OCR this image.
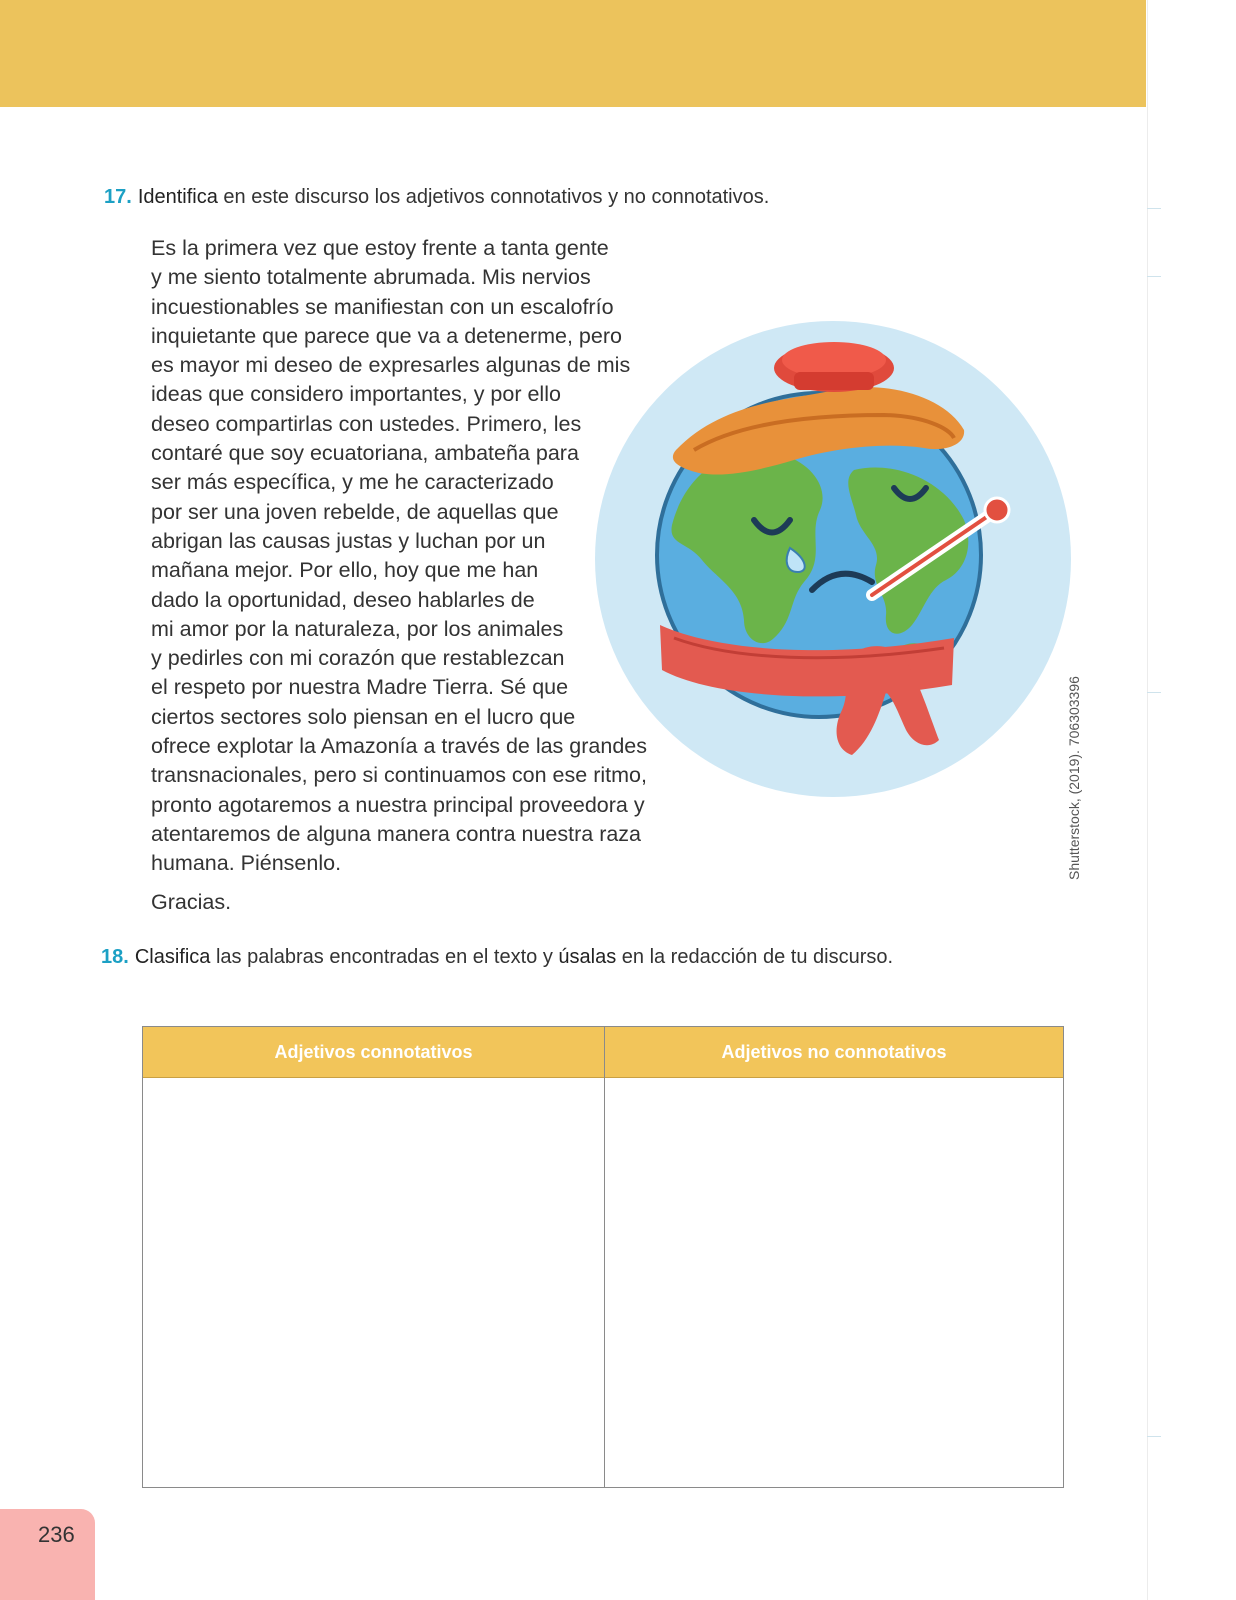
17. Identifica en este discurso los adjetivos connotativos y no connotativos.
Es la primera vez que estoy frente a tanta gente
y me siento totalmente abrumada. Mis nervios
incuestionables se manifiestan con un escalofrío
inquietante que parece que va a detenerme, pero
es mayor mi deseo de expresarles algunas de mis
ideas que considero importantes, y por ello
deseo compartirlas con ustedes. Primero, les
contaré que soy ecuatoriana, ambateña para
ser más específica, y me he caracterizado
por ser una joven rebelde, de aquellas que
abrigan las causas justas y luchan por un
mañana mejor. Por ello, hoy que me han
dado la oportunidad, deseo hablarles de
mi amor por la naturaleza, por los animales
y pedirles con mi corazón que restablezcan
el respeto por nuestra Madre Tierra. Sé que
ciertos sectores solo piensan en el lucro que
ofrece explotar la Amazonía a través de las grandes
transnacionales, pero si continuamos con ese ritmo,
pronto agotaremos a nuestra principal proveedora y
atentaremos de alguna manera contra nuestra raza
humana. Piénsenlo.
Gracias.
Shutterstock, (2019). 706303396
18. Clasifica las palabras encontradas en el texto y úsalas en la redacción de tu discurso.
Adjetivos connotativos	Adjetivos no connotativos
236
